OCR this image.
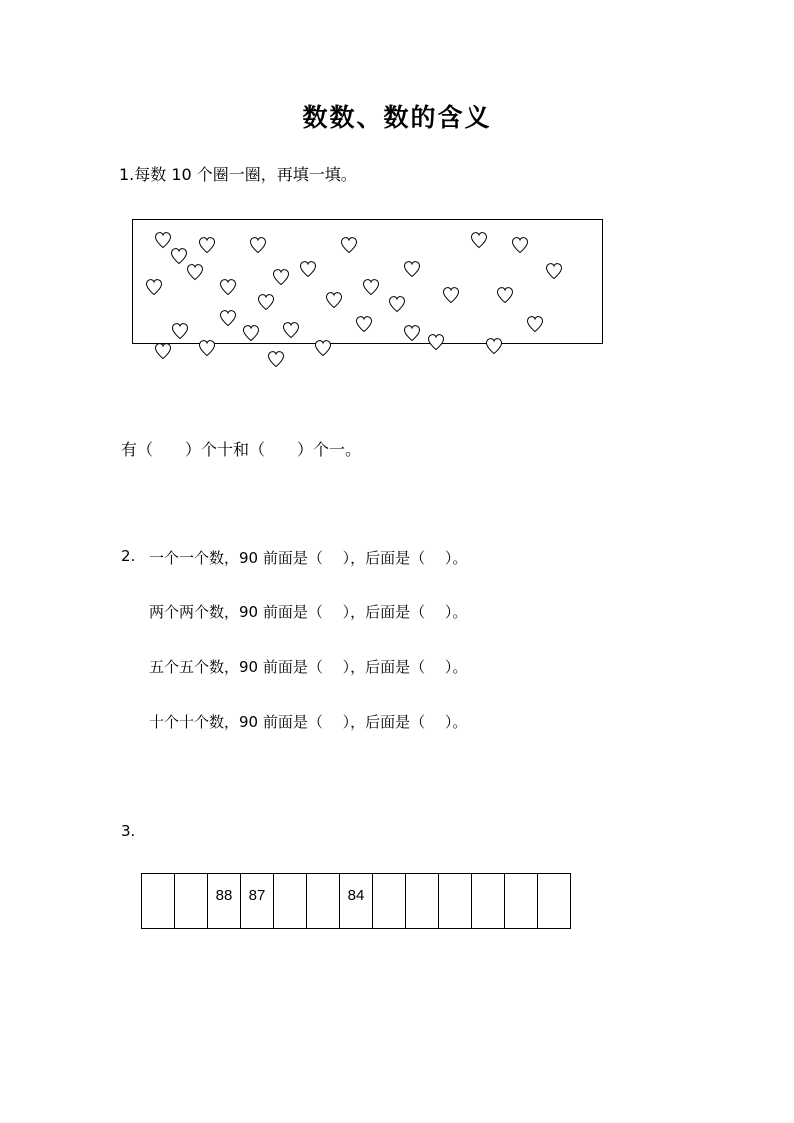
数数、数的含义
1.每数 10 个圈一圈，再填一填。
有（　　）个十和（　　）个一。
2. 一个一个数，90 前面是（　 ），后面是（　 ）。
两个两个数，90 前面是（　 ），后面是（　 ）。
五个五个数，90 前面是（　 ），后面是（　 ）。
十个十个数，90 前面是（　 ），后面是（　 ）。
3.
		88	87			84						
